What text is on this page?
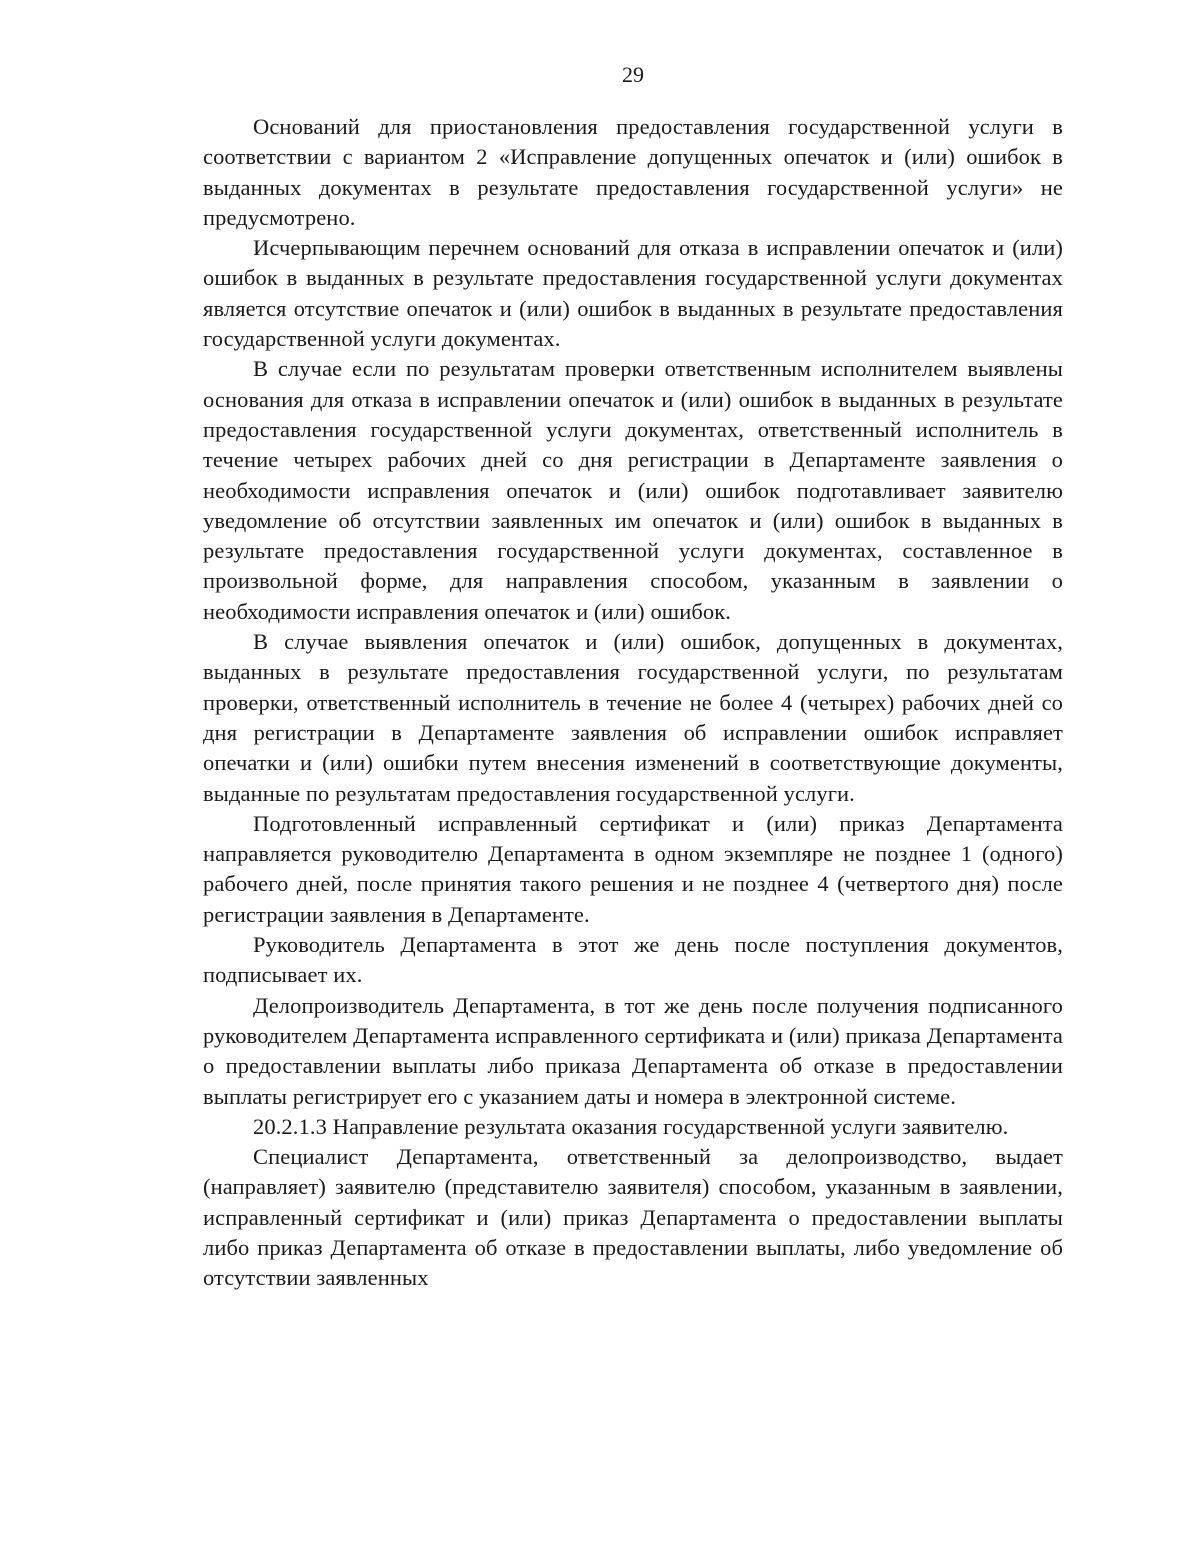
29

Оснований для приостановления предоставления государственной услуги в соответствии с вариантом 2 «Исправление допущенных опечаток и (или) ошибок в выданных документах в результате предоставления государственной услуги» не предусмотрено.

Исчерпывающим перечнем оснований для отказа в исправлении опечаток и (или) ошибок в выданных в результате предоставления государственной услуги документах является отсутствие опечаток и (или) ошибок в выданных в результате предоставления государственной услуги документах.

В случае если по результатам проверки ответственным исполнителем выявлены основания для отказа в исправлении опечаток и (или) ошибок в выданных в результате предоставления государственной услуги документах, ответственный исполнитель в течение четырех рабочих дней со дня регистрации в Департаменте заявления о необходимости исправления опечаток и (или) ошибок подготавливает заявителю уведомление об отсутствии заявленных им опечаток и (или) ошибок в выданных в результате предоставления государственной услуги документах, составленное в произвольной форме, для направления способом, указанным в заявлении о необходимости исправления опечаток и (или) ошибок.

В случае выявления опечаток и (или) ошибок, допущенных в документах, выданных в результате предоставления государственной услуги, по результатам проверки, ответственный исполнитель в течение не более 4 (четырех) рабочих дней со дня регистрации в Департаменте заявления об исправлении ошибок исправляет опечатки и (или) ошибки путем внесения изменений в соответствующие документы, выданные по результатам предоставления государственной услуги.

Подготовленный исправленный сертификат и (или) приказ Департамента направляется руководителю Департамента в одном экземпляре не позднее 1 (одного) рабочего дней, после принятия такого решения и не позднее 4 (четвертого дня) после регистрации заявления в Департаменте.

Руководитель Департамента в этот же день после поступления документов, подписывает их.

Делопроизводитель Департамента, в тот же день после получения подписанного руководителем Департамента исправленного сертификата и (или) приказа Департамента о предоставлении выплаты либо приказа Департамента об отказе в предоставлении выплаты регистрирует его с указанием даты и номера в электронной системе.

20.2.1.3 Направление результата оказания государственной услуги заявителю.

Специалист Департамента, ответственный за делопроизводство, выдает (направляет) заявителю (представителю заявителя) способом, указанным в заявлении, исправленный сертификат и (или) приказ Департамента о предоставлении выплаты либо приказ Департамента об отказе в предоставлении выплаты, либо уведомление об отсутствии заявленных
